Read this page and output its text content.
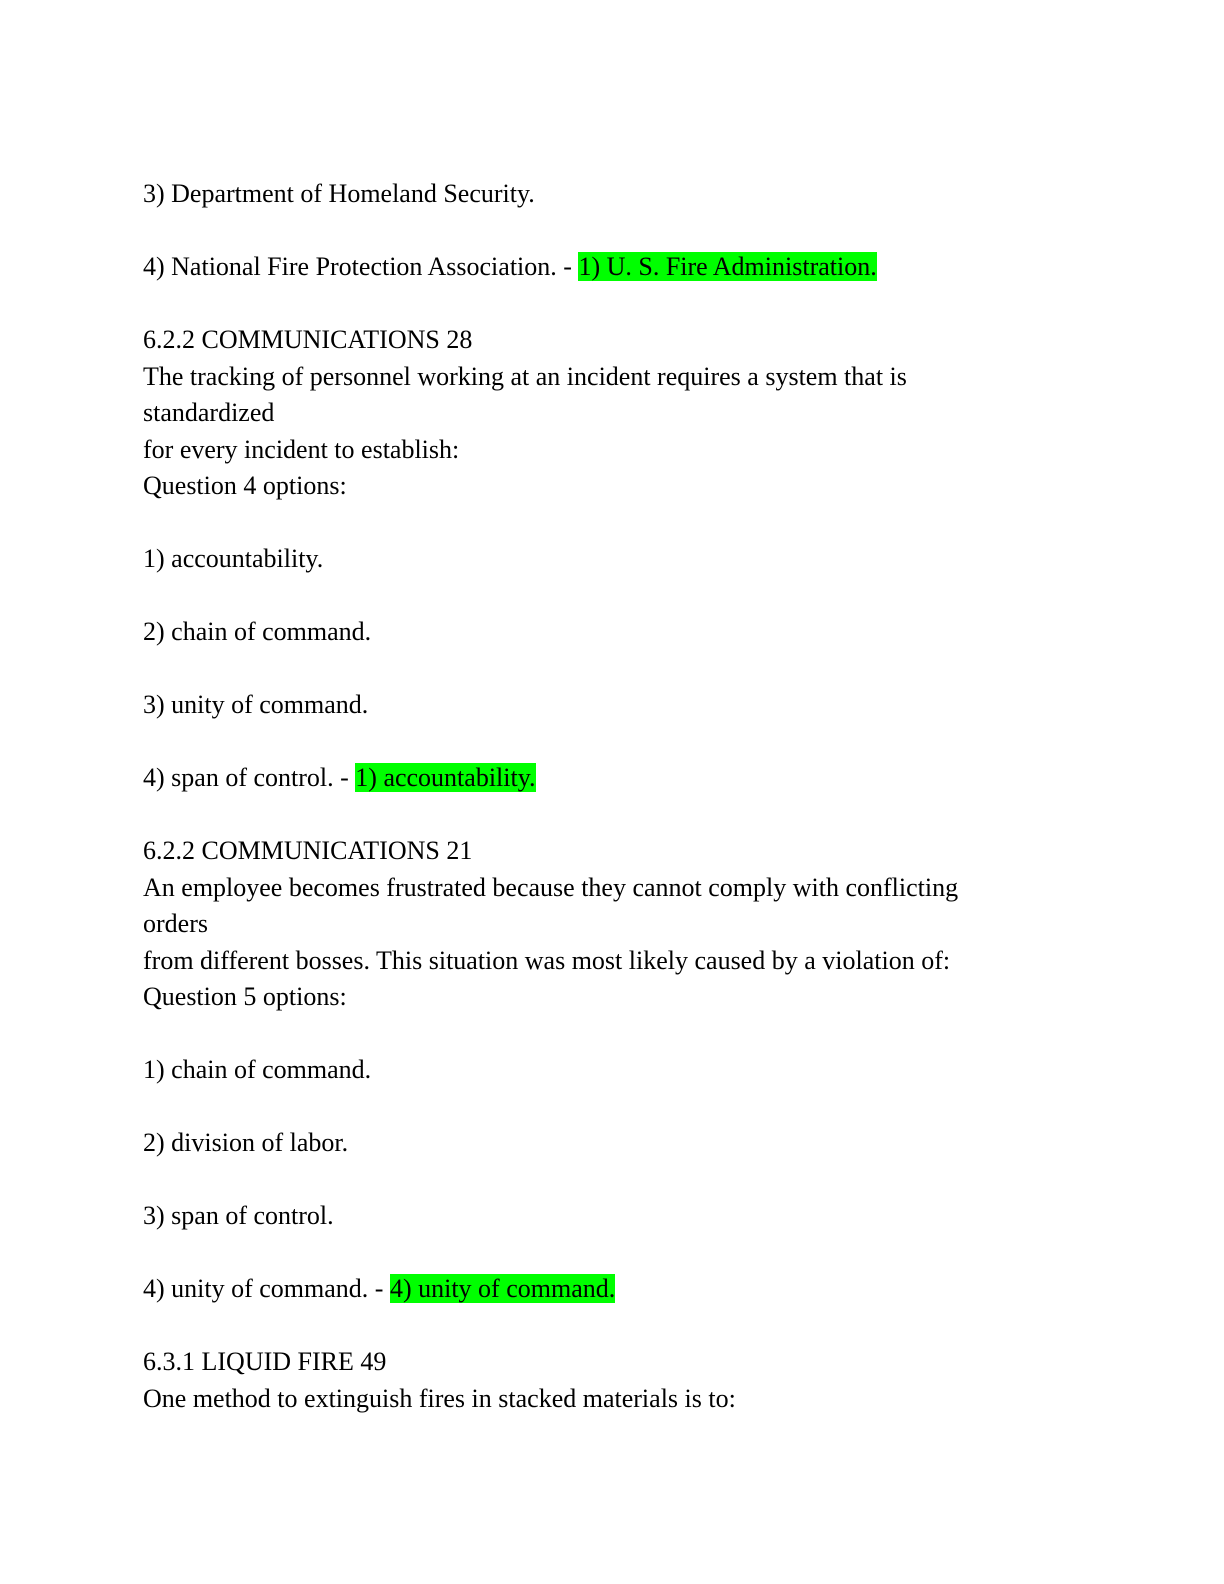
3) Department of Homeland Security.
4) National Fire Protection Association. - 1) U. S. Fire Administration.
6.2.2 COMMUNICATIONS 28
The tracking of personnel working at an incident requires a system that is
standardized
for every incident to establish:
Question 4 options:
1) accountability.
2) chain of command.
3) unity of command.
4) span of control. - 1) accountability.
6.2.2 COMMUNICATIONS 21
An employee becomes frustrated because they cannot comply with conflicting
orders
from different bosses. This situation was most likely caused by a violation of:
Question 5 options:
1) chain of command.
2) division of labor.
3) span of control.
4) unity of command. - 4) unity of command.
6.3.1 LIQUID FIRE 49
One method to extinguish fires in stacked materials is to:
